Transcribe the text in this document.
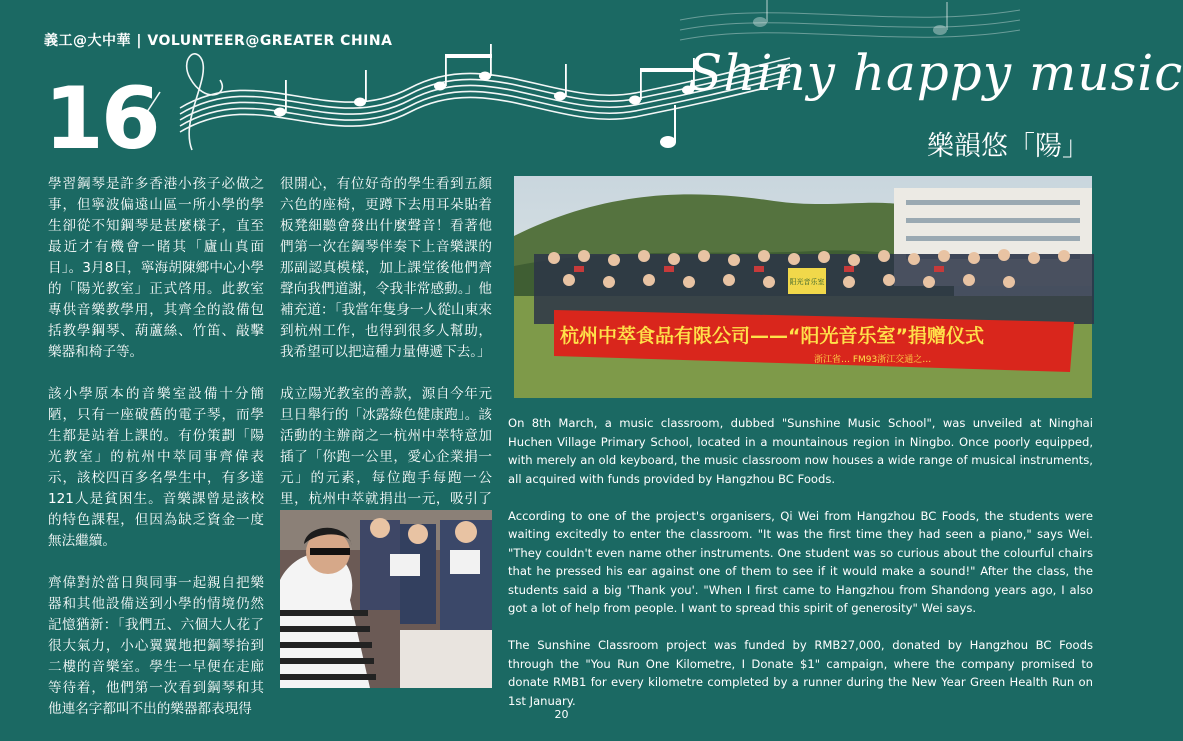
義工@大中華 | VOLUNTEER@GREATER CHINA
16	Shiny happy music
樂韻悠「陽」

學習鋼琴是許多香港小孩子必做之事，但寧波偏遠山區一所小學的學生卻從不知鋼琴是甚麼樣子，直至最近才有機會一睹其「廬山真面目」。3月8日，寧海胡陳鄉中心小學的「陽光教室」正式啓用。此教室專供音樂教學用，其齊全的設備包括教學鋼琴、葫蘆絲、竹笛、敲擊樂器和椅子等。

該小學原本的音樂室設備十分簡陋，只有一座破舊的電子琴，而學生都是站着上課的。有份策劃「陽光教室」的杭州中萃同事齊偉表示，該校四百多名學生中，有多達121人是貧困生。音樂課曾是該校的特色課程，但因為缺乏資金一度無法繼續。

齊偉對於當日與同事一起親自把樂器和其他設備送到小學的情境仍然記憶猶新：「我們五、六個大人花了很大氣力，小心翼翼地把鋼琴抬到二樓的音樂室。學生一早便在走廊等待着，他們第一次看到鋼琴和其他連名字都叫不出的樂器都表現得

很開心，有位好奇的學生看到五顏六色的座椅，更蹲下去用耳朵貼着板凳細聽會發出什麼聲音！看著他們第一次在鋼琴伴奏下上音樂課的那副認真模樣，加上課堂後他們齊聲向我們道謝，令我非常感動。」他補充道：「我當年隻身一人從山東來到杭州工作，也得到很多人幫助，我希望可以把這種力量傳遞下去。」

成立陽光教室的善款，源自今年元旦日舉行的「冰露綠色健康跑」。該活動的主辦商之一杭州中萃特意加插了「你跑一公里，愛心企業捐一元」的元素，每位跑手每跑一公里，杭州中萃就捐出一元，吸引了

阳光音乐室
杭州中萃食品有限公司——“阳光音乐室”捐赠仪式
浙江省… FM93浙江交通之…

On 8th March, a music classroom, dubbed "Sunshine Music School", was unveiled at Ninghai Huchen Village Primary School, located in a mountainous region in Ningbo. Once poorly equipped, with merely an old keyboard, the music classroom now houses a wide range of musical instruments, all acquired with funds provided by Hangzhou BC Foods.

According to one of the project's organisers, Qi Wei from Hangzhou BC Foods, the students were waiting excitedly to enter the classroom. "It was the first time they had seen a piano," says Wei. "They couldn't even name other instruments. One student was so curious about the colourful chairs that he pressed his ear against one of them to see if it would make a sound!" After the class, the students said a big 'Thank you'. "When I first came to Hangzhou from Shandong years ago, I also got a lot of help from people. I want to spread this spirit of generosity" Wei says.

The Sunshine Classroom project was funded by RMB27,000, donated by Hangzhou BC Foods through the "You Run One Kilometre, I Donate $1" campaign, where the company promised to donate RMB1 for every kilometre completed by a runner during the New Year Green Health Run on 1st January.

20
